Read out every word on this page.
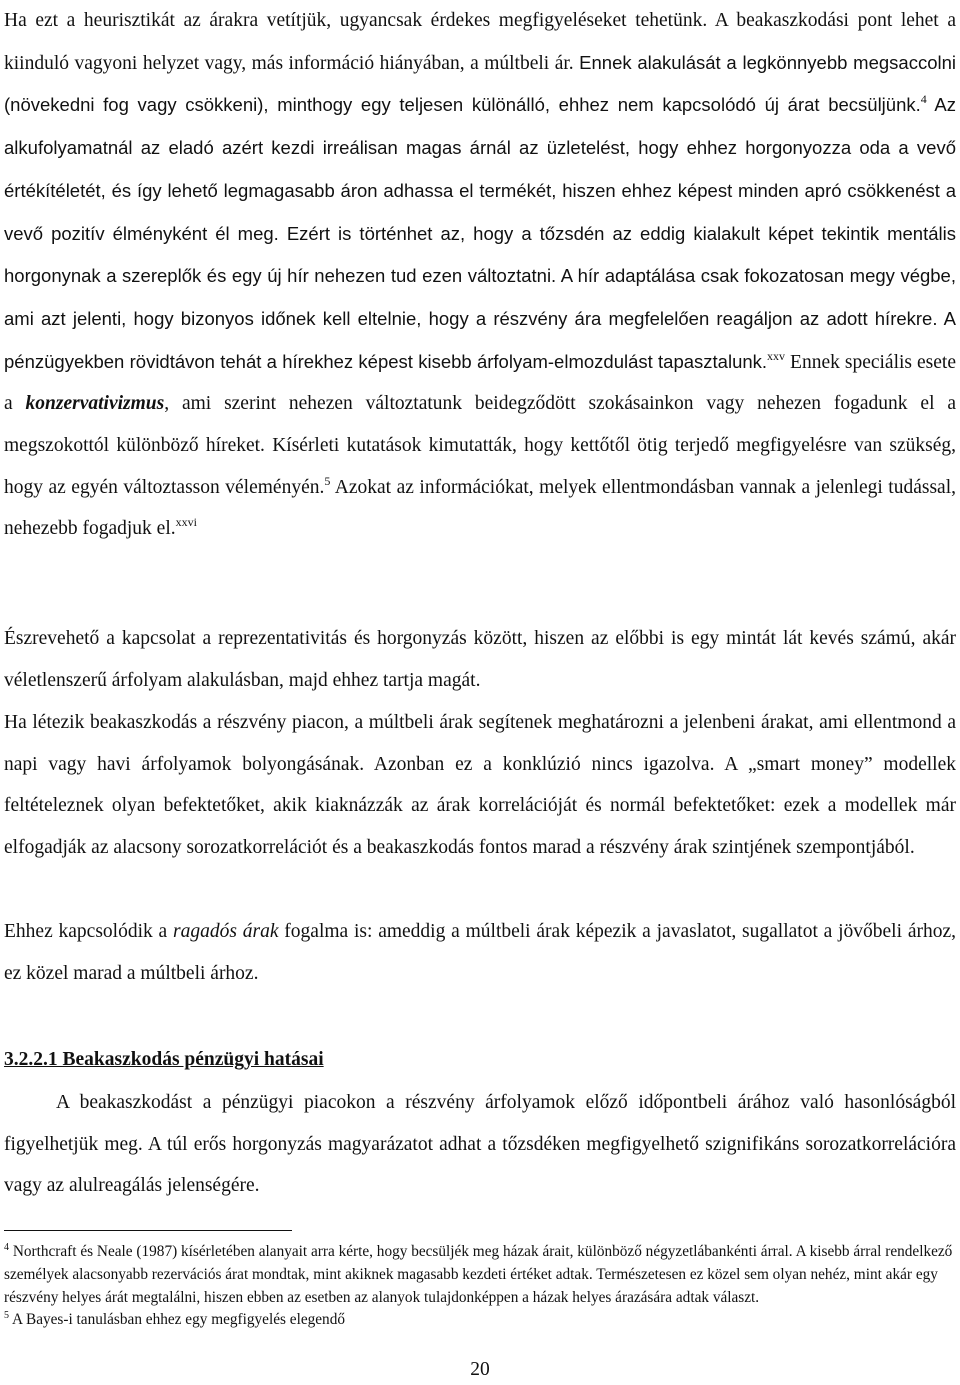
Ha ezt a heurisztikát az árakra vetítjük, ugyancsak érdekes megfigyeléseket tehetünk. A beakaszkodási pont lehet a kiinduló vagyoni helyzet vagy, más információ hiányában, a múltbeli ár. Ennek alakulását a legkönnyebb megsaccolni (növekedni fog vagy csökkeni), minthogy egy teljesen különálló, ehhez nem kapcsolódó új árat becsüljünk.$^4$ Az alkufolyamatnál az eladó azért kezdi irreálisan magas árnál az üzletelést, hogy ehhez horgonyozza oda a vevő értékítéletét, és így lehető legmagasabb áron adhassa el termékét, hiszen ehhez képest minden apró csökkenést a vevő pozitív élményként él meg. Ezért is történhet az, hogy a tőzsdén az eddig kialakult képet tekintik mentális horgonynak a szereplők és egy új hír nehezen tud ezen változtatni. A hír adaptálása csak fokozatosan megy végbe, ami azt jelenti, hogy bizonyos időnek kell eltelnie, hogy a részvény ára megfelelően reagáljon az adott hírekre. A pénzügyekben rövidtávon tehát a hírekhez képest kisebb árfolyam-elmozdulást tapasztalunk.$^{xxv}$ Ennek speciális esete a konzervativizmus, ami szerint nehezen változtatunk beidegződött szokásainkon vagy nehezen fogadunk el a megszokottól különböző híreket. Kísérleti kutatások kimutatták, hogy kettőtől ötig terjedő megfigyelésre van szükség, hogy az egyén változtasson véleményén.$^5$ Azokat az információkat, melyek ellentmondásban vannak a jelenlegi tudással, nehezebb fogadjuk el.$^{xxvi}$

Észrevehető a kapcsolat a reprezentativitás és horgonyzás között, hiszen az előbbi is egy mintát lát kevés számú, akár véletlenszerű árfolyam alakulásban, majd ehhez tartja magát.

Ha létezik beakaszkodás a részvény piacon, a múltbeli árak segítenek meghatározni a jelenbeni árakat, ami ellentmond a napi vagy havi árfolyamok bolyongásának. Azonban ez a konklúzió nincs igazolva. A „smart money” modellek feltételeznek olyan befektetőket, akik kiaknázzák az árak korrelációját és normál befektetőket: ezek a modellek már elfogadják az alacsony sorozatkorrelációt és a beakaszkodás fontos marad a részvény árak szintjének szempontjából.

Ehhez kapcsolódik a ragadós árak fogalma is: ameddig a múltbeli árak képezik a javaslatot, sugallatot a jövőbeli árhoz, ez közel marad a múltbeli árhoz.

3.2.2.1 Beakaszkodás pénzügyi hatásai

A beakaszkodást a pénzügyi piacokon a részvény árfolyamok előző időpontbeli árához való hasonlóságból figyelhetjük meg. A túl erős horgonyzás magyarázatot adhat a tőzsdéken megfigyelhető szignifikáns sorozatkorrelációra vagy az alulreagálás jelenségére.

$^4$ Northcraft és Neale (1987) kísérletében alanyait arra kérte, hogy becsüljék meg házak árait, különböző négyzetlábankénti árral. A kisebb árral rendelkező személyek alacsonyabb rezervációs árat mondtak, mint akiknek magasabb kezdeti értéket adtak. Természetesen ez közel sem olyan nehéz, mint akár egy részvény helyes árát megtalálni, hiszen ebben az esetben az alanyok tulajdonképpen a házak helyes árazására adtak választ.

$^5$ A Bayes-i tanulásban ehhez egy megfigyelés elegendő

20
